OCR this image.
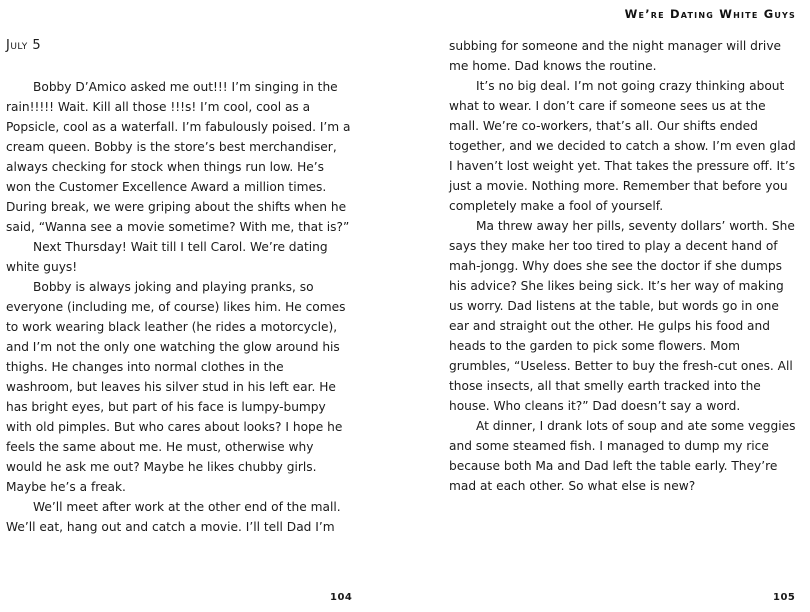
July 5

Bobby D’Amico asked me out!!! I’m singing in the rain!!!!! Wait. Kill all those !!!s! I’m cool, cool as a Popsicle, cool as a waterfall. I’m fabulously poised. I’m a cream queen. Bobby is the store’s best merchandiser, always checking for stock when things run low. He’s won the Customer Excellence Award a million times. During break, we were griping about the shifts when he said, “Wanna see a movie sometime? With me, that is?”

Next Thursday! Wait till I tell Carol. We’re dating white guys!

Bobby is always joking and playing pranks, so everyone (including me, of course) likes him. He comes to work wearing black leather (he rides a motorcycle), and I’m not the only one watching the glow around his thighs. He changes into normal clothes in the washroom, but leaves his silver stud in his left ear. He has bright eyes, but part of his face is lumpy-bumpy with old pimples. But who cares about looks? I hope he feels the same about me. He must, otherwise why would he ask me out? Maybe he likes chubby girls. Maybe he’s a freak.

We’ll meet after work at the other end of the mall. We’ll eat, hang out and catch a movie. I’ll tell Dad I’m

104
We’re Dating White Guys

subbing for someone and the night manager will drive me home. Dad knows the routine.

It’s no big deal. I’m not going crazy thinking about what to wear. I don’t care if someone sees us at the mall. We’re co-workers, that’s all. Our shifts ended together, and we decided to catch a show. I’m even glad I haven’t lost weight yet. That takes the pressure off. It’s just a movie. Nothing more. Remember that before you completely make a fool of yourself.

Ma threw away her pills, seventy dollars’ worth. She says they make her too tired to play a decent hand of mah-jongg. Why does she see the doctor if she dumps his advice? She likes being sick. It’s her way of making us worry. Dad listens at the table, but words go in one ear and straight out the other. He gulps his food and heads to the garden to pick some flowers. Mom grumbles, “Useless. Better to buy the fresh-cut ones. All those insects, all that smelly earth tracked into the house. Who cleans it?” Dad doesn’t say a word.

At dinner, I drank lots of soup and ate some veggies and some steamed fish. I managed to dump my rice because both Ma and Dad left the table early. They’re mad at each other. So what else is new?

105
